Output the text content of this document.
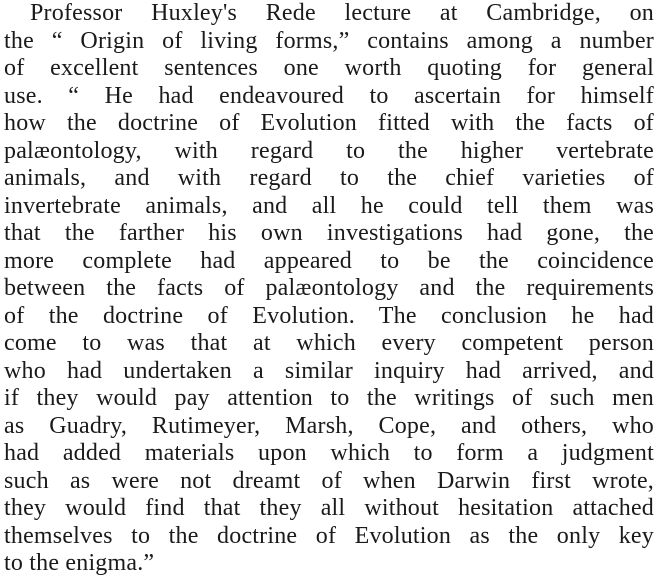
Professor Huxley's Rede lecture at Cambridge, on
the “ Origin of living forms,” contains among a number
of excellent sentences one worth quoting for general
use. “ He had endeavoured to ascertain for himself
how the doctrine of Evolution fitted with the facts of
palæontology, with regard to the higher vertebrate
animals, and with regard to the chief varieties of
invertebrate animals, and all he could tell them was
that the farther his own investigations had gone, the
more complete had appeared to be the coincidence
between the facts of palæontology and the requirements
of the doctrine of Evolution. The conclusion he had
come to was that at which every competent person
who had undertaken a similar inquiry had arrived, and
if they would pay attention to the writings of such men
as Guadry, Rutimeyer, Marsh, Cope, and others, who
had added materials upon which to form a judgment
such as were not dreamt of when Darwin first wrote,
they would find that they all without hesitation attached
themselves to the doctrine of Evolution as the only key
to the enigma.”
